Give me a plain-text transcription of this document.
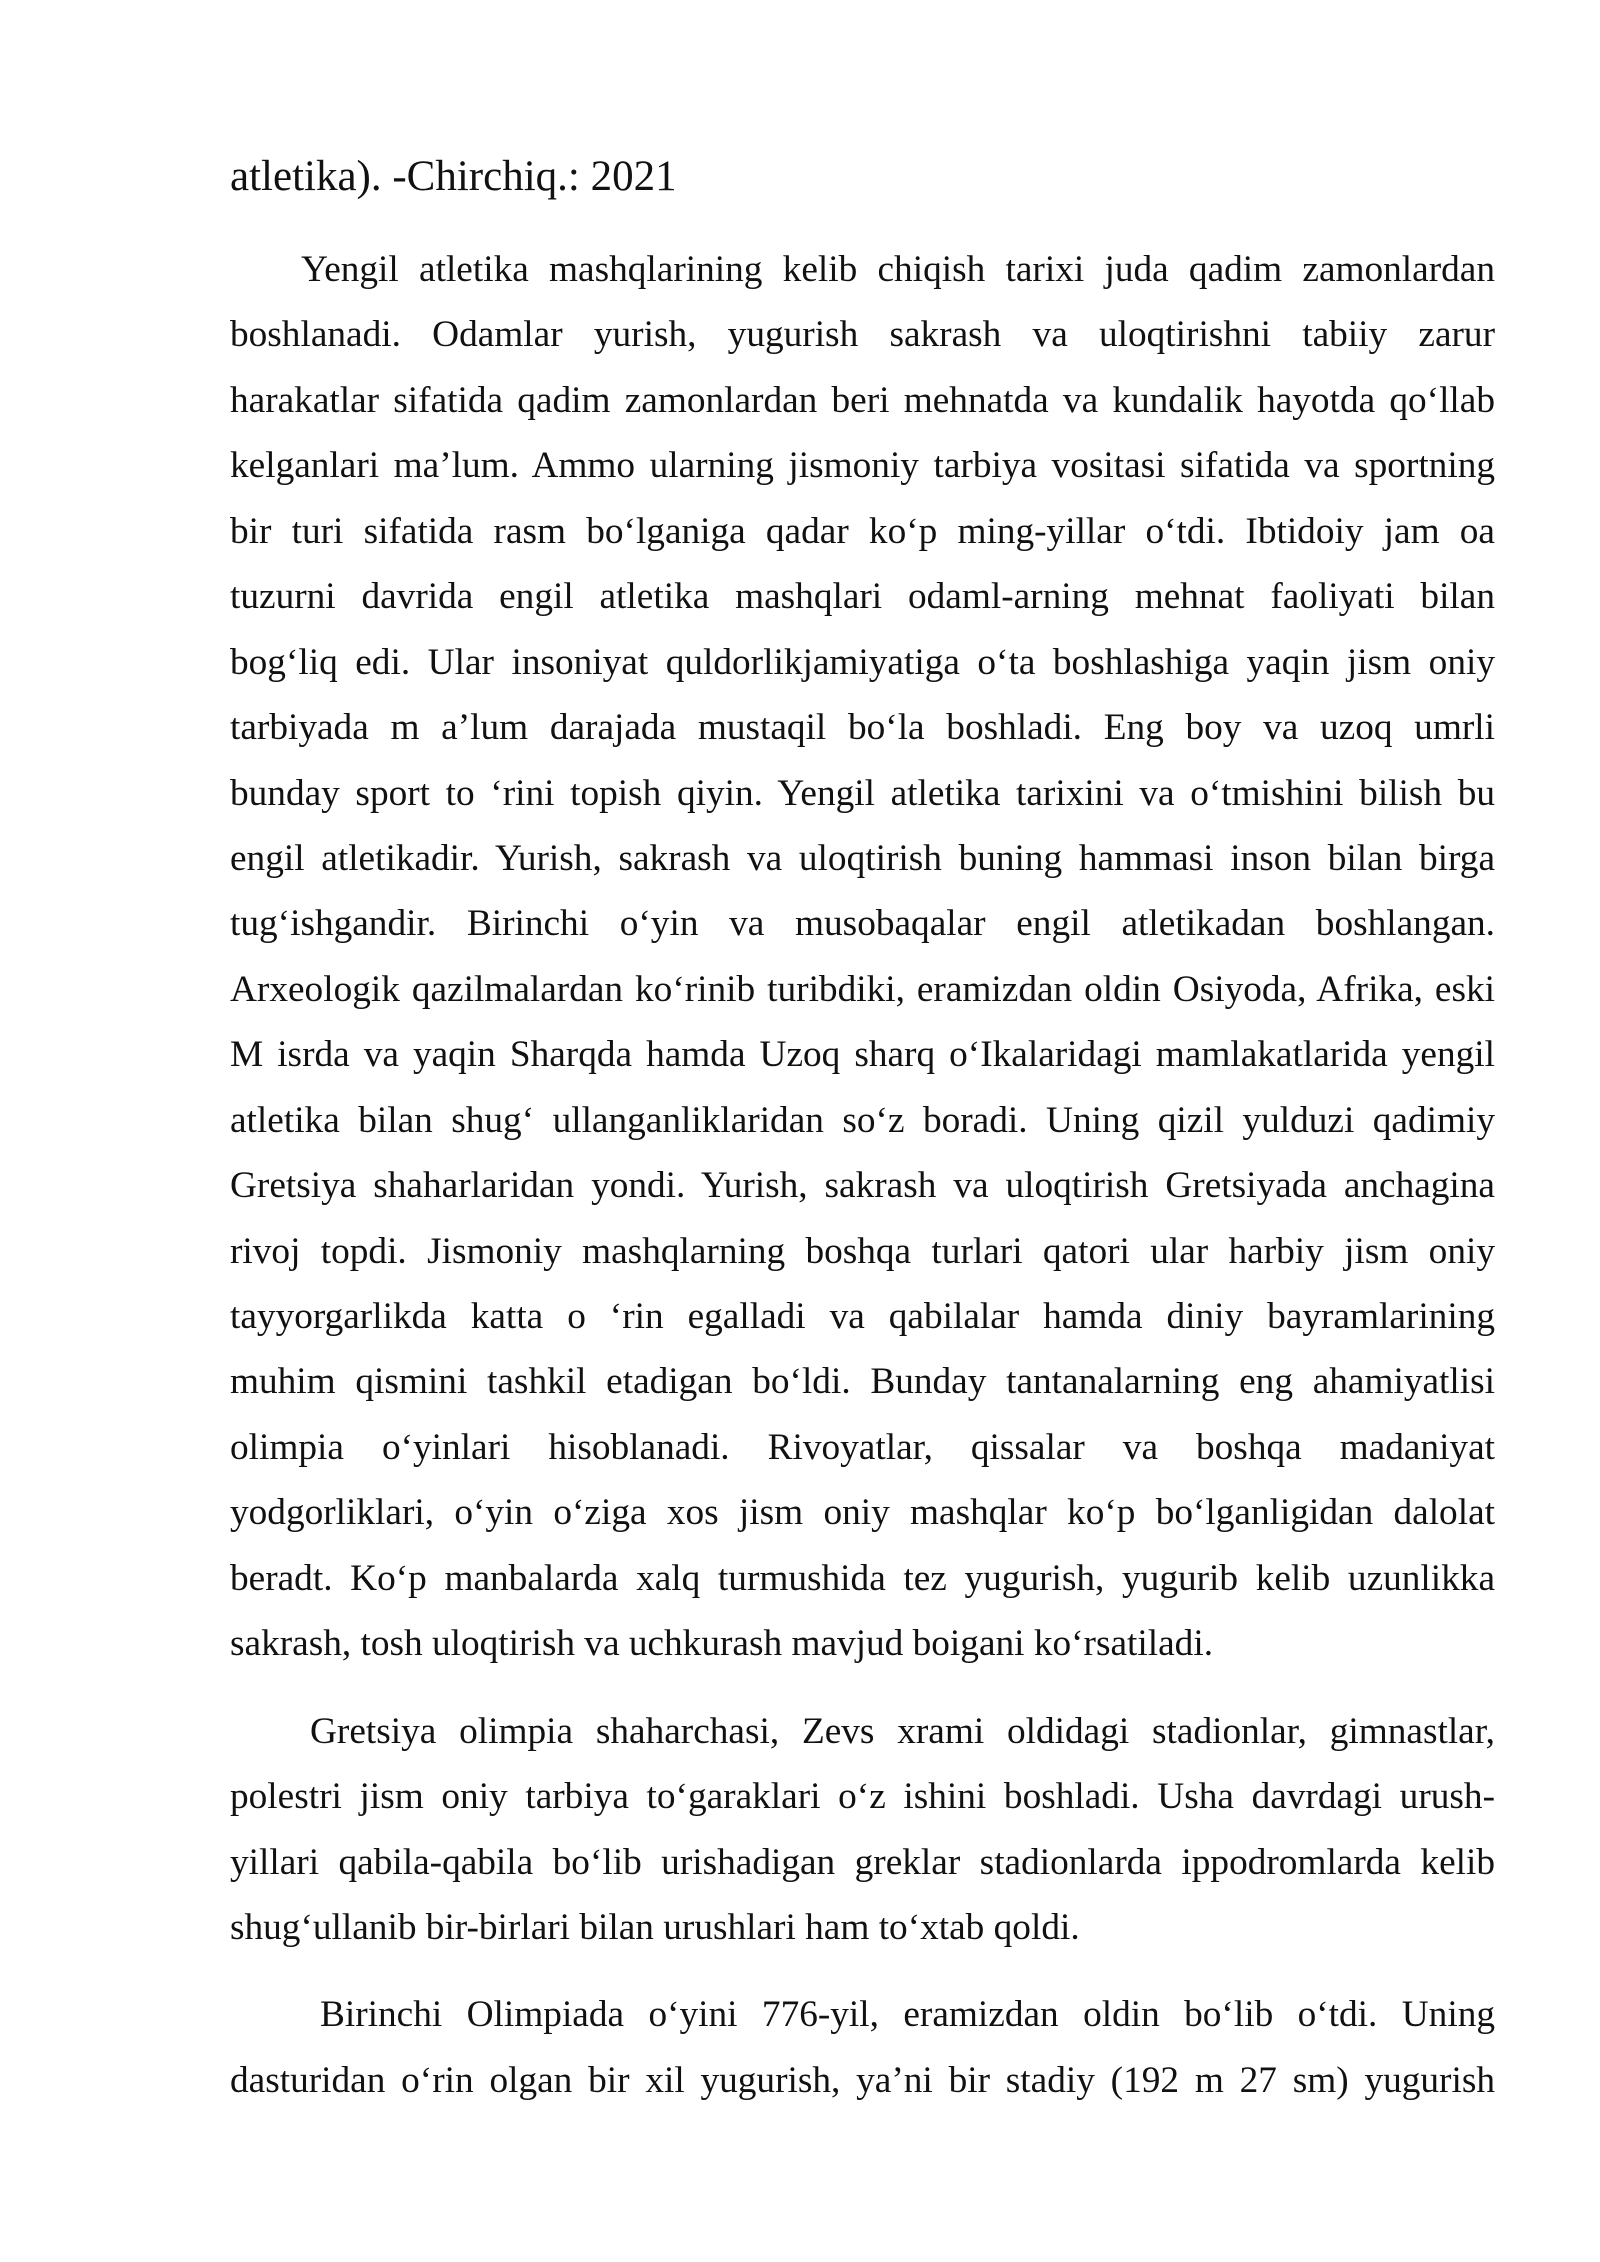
atletika). -Chirchiq.: 2021
Yengil atletika mashqlarining kelib chiqish tarixi juda qadim zamonlardan
boshlanadi. Odamlar yurish, yugurish sakrash va uloqtirishni tabiiy zarur
harakatlar sifatida qadim zamonlardan beri mehnatda va kundalik hayotda qo‘llab
kelganlari ma’lum. Ammo ularning jismoniy tarbiya vositasi sifatida va sportning
bir turi sifatida rasm bo‘lganiga qadar ko‘p ming-yillar o‘tdi. Ibtidoiy jam oa
tuzurni davrida engil atletika mashqlari odaml-arning mehnat faoliyati bilan
bog‘liq edi. Ular insoniyat quldorlikjamiyatiga o‘ta boshlashiga yaqin jism oniy
tarbiyada m a’lum darajada mustaqil bo‘la boshladi. Eng boy va uzoq umrli
bunday sport to ‘rini topish qiyin. Yengil atletika tarixini va o‘tmishini bilish bu
engil atletikadir. Yurish, sakrash va uloqtirish buning hammasi inson bilan birga
tug‘ishgandir. Birinchi o‘yin va musobaqalar engil atletikadan boshlangan.
Arxeologik qazilmalardan ko‘rinib turibdiki, eramizdan oldin Osiyoda, Afrika, eski
M isrda va yaqin Sharqda hamda Uzoq sharq o‘Ikalaridagi mamlakatlarida yengil
atletika bilan shug‘ ullanganliklaridan so‘z boradi. Uning qizil yulduzi qadimiy
Gretsiya shaharlaridan yondi. Yurish, sakrash va uloqtirish Gretsiyada anchagina
rivoj topdi. Jismoniy mashqlarning boshqa turlari qatori ular harbiy jism oniy
tayyorgarlikda katta o ‘rin egalladi va qabilalar hamda diniy bayramlarining
muhim qismini tashkil etadigan bo‘ldi. Bunday tantanalarning eng ahamiyatlisi
olimpia o‘yinlari hisoblanadi. Rivoyatlar, qissalar va boshqa madaniyat
yodgorliklari, o‘yin o‘ziga xos jism oniy mashqlar ko‘p bo‘lganligidan dalolat
beradt. Ko‘p manbalarda xalq turmushida tez yugurish, yugurib kelib uzunlikka
sakrash, tosh uloqtirish va uchkurash mavjud boigani ko‘rsatiladi.
Gretsiya olimpia shaharchasi, Zevs xrami oldidagi stadionlar, gimnastlar,
polestri jism oniy tarbiya to‘garaklari o‘z ishini boshladi. Usha davrdagi urush-
yillari qabila-qabila bo‘lib urishadigan greklar stadionlarda ippodromlarda kelib
shug‘ullanib bir-birlari bilan urushlari ham to‘xtab qoldi.
Birinchi Olimpiada o‘yini 776-yil, eramizdan oldin bo‘lib o‘tdi. Uning
dasturidan o‘rin olgan bir xil yugurish, ya’ni bir stadiy (192 m 27 sm) yugurish
